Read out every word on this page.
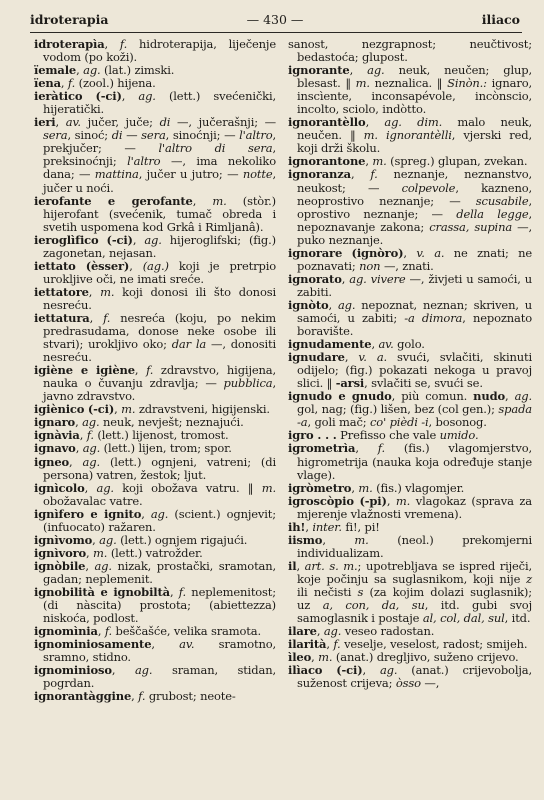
idroterapia	— 430 —	iliaco
idroterapìa, f. hidroterapija, liječenje vodom (po koži).
ïemale, ag. (lat.) zimski.
ïena, f. (zool.) hijena.
ieràtico (-ci), ag. (lett.) svećenički, hijeratički.
ieri, av. jučer, juče; di —, jučerašnji; — sera, sinoć; di — sera, sinoćnji; — l'altro, prekjučer; — l'altro di sera, preksinoćnji; l'altro —, ima nekoliko dana; — mattina, jučer u jutro; — notte, jučer u noći.
ierofante e gerofante, m. (stòr.) hijerofant (svećenik, tumač obreda i svetih uspomena kod Grkâ i Rimljanâ).
ieroglìfico (-ci), ag. hijeroglifski; (fig.) zagonetan, nejasan.
iettato (èsser), (ag.) koji je pretrpio urokljive oči, ne imati sreće.
iettatore, m. koji donosi ili što donosi nesreću.
iettatura, f. nesreća (koju, po nekim predrasudama, donose neke osobe ili stvari); urokljivo oko; dar la —, donositi nesreću.
igiène e igiène, f. zdravstvo, higijena, nauka o čuvanju zdravlja; — pubblica, javno zdravstvo.
igiènico (-ci), m. zdravstveni, higijenski.
ignaro, ag. neuk, nevješt; neznajući.
ignàvia, f. (lett.) lijenost, tromost.
ignavo, ag. (lett.) lijen, trom; spor.
igneo, ag. (lett.) ognjeni, vatreni; (di persona) vatren, žestok; ljut.
ignìcolo, ag. koji obožava vatru. ‖ m. obožavalac vatre.
ignìfero e ignito, ag. (scient.) ognjevit; (infuocato) ražaren.
ignìvomo, ag. (lett.) ognjem rigajući.
ignìvoro, m. (lett.) vatrožder.
ignòbile, ag. nizak, prostački, sramotan, gadan; neplemenit.
ignobilità e ignobiltà, f. neplemenitost; (di nàscita) prostota; (abiettezza) niskoća, podlost.
ignomìnia, f. beščašće, velika sramota.
ignominiosamente, av. sramotno, sramno, stidno.
ignominioso, ag. sraman, stidan, pogrdan.
ignorantàggine, f. grubost; neote-
sanost, nezgrapnost; neučtivost; bedastoća; glupost.
ignorante, ag. neuk, neučen; glup, blesast. ‖ m. neznalica. ‖ Sinòn.: ignaro, inscìente, inconsapévole, incònscio, incolto, sciolo, indòtto.
ignorantèllo, ag. dim. malo neuk, neučen. ‖ m. ignorantèlli, vjerski red, koji drži školu.
ignorantone, m. (spreg.) glupan, zvekan.
ignoranza, f. neznanje, neznanstvo, neukost; — colpevole, kazneno, neoprostivo neznanje; — scusabile, oprostivo neznanje; — della legge, nepoznavanje zakona; crassa, supina —, puko neznanje.
ignorare (ignòro), v. a. ne znati; ne poznavati; non —, znati.
ignorato, ag. vivere —, živjeti u samoći, u zabiti.
ignòto, ag. nepoznat, neznan; skriven, u samoći, u zabiti; -a dimora, nepoznato boravište.
ignudamente, av. golo.
ignudare, v. a. svući, svlačiti, skinuti odijelo; (fig.) pokazati nekoga u pravoj slici. ‖ -arsi, svlačiti se, svući se.
ignudo e gnudo, più comun. nudo, ag. gol, nag; (fig.) lišen, bez (col gen.); spada -a, goli mač; co' pièdi -i, bosonog.
igro . . . Prefisso che vale umido.
igrometrìa, f. (fis.) vlagomjerstvo, higrometrija (nauka koja određuje stanje vlage).
igròmetro, m. (fis.) vlagomjer.
igroscòpio (-pi), m. vlagokaz (sprava za mjerenje vlažnosti vremena).
ih!, inter. fi!, pi!
iismo, m. (neol.) prekomjerni individualizam.
il, art. s. m.; upotrebljava se ispred riječi, koje počinju sa suglasnikom, koji nije z ili nečisti s (za kojim dolazi suglasnik); uz a, con, da, su, itd. gubi svoj samoglasnik i postaje al, col, dal, sul, itd.
ilare, ag. veseo radostan.
ilarità, f. veselje, veselost, radost; smijeh.
ìleo, m. (anat.) dregljivo, suženo crijevo.
ilìaco (-ci), ag. (anat.) crijevobolja, suženost crijeva; òsso —,
